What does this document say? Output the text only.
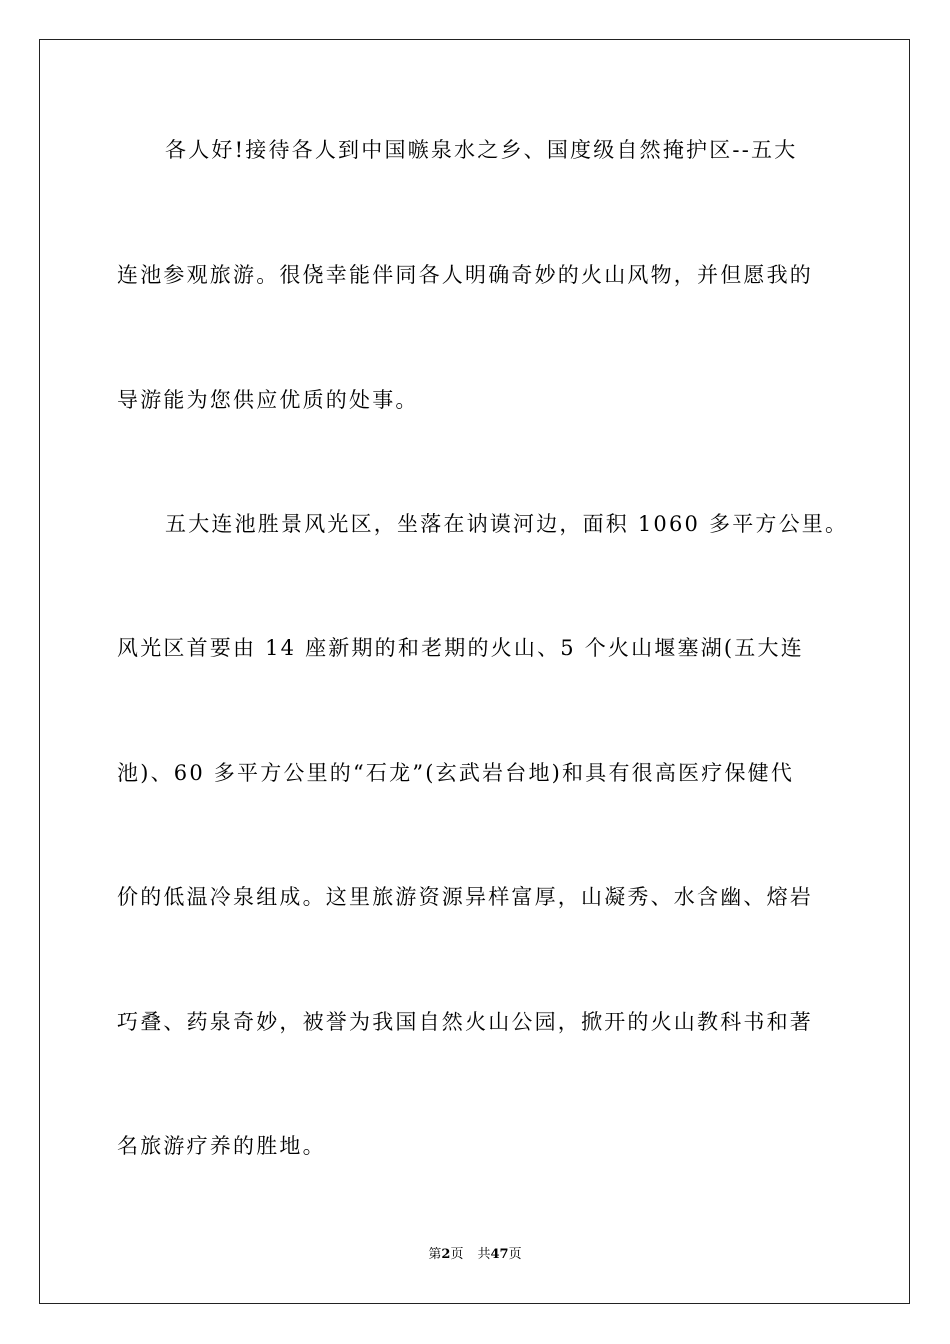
各人好!接待各人到中国嗾泉水之乡、国度级自然掩护区--五大
连池参观旅游。很侥幸能伴同各人明确奇妙的火山风物，并但愿我的
导游能为您供应优质的处事。
五大连池胜景风光区，坐落在讷谟河边，面积 1060 多平方公里。
风光区首要由 14 座新期的和老期的火山、5 个火山堰塞湖(五大连
池)、60 多平方公里的“石龙”(玄武岩台地)和具有很高医疗保健代
价的低温冷泉组成。这里旅游资源异样富厚，山凝秀、水含幽、熔岩
巧叠、药泉奇妙，被誉为我国自然火山公园，掀开的火山教科书和著
名旅游疗养的胜地。
第2页 共47页
